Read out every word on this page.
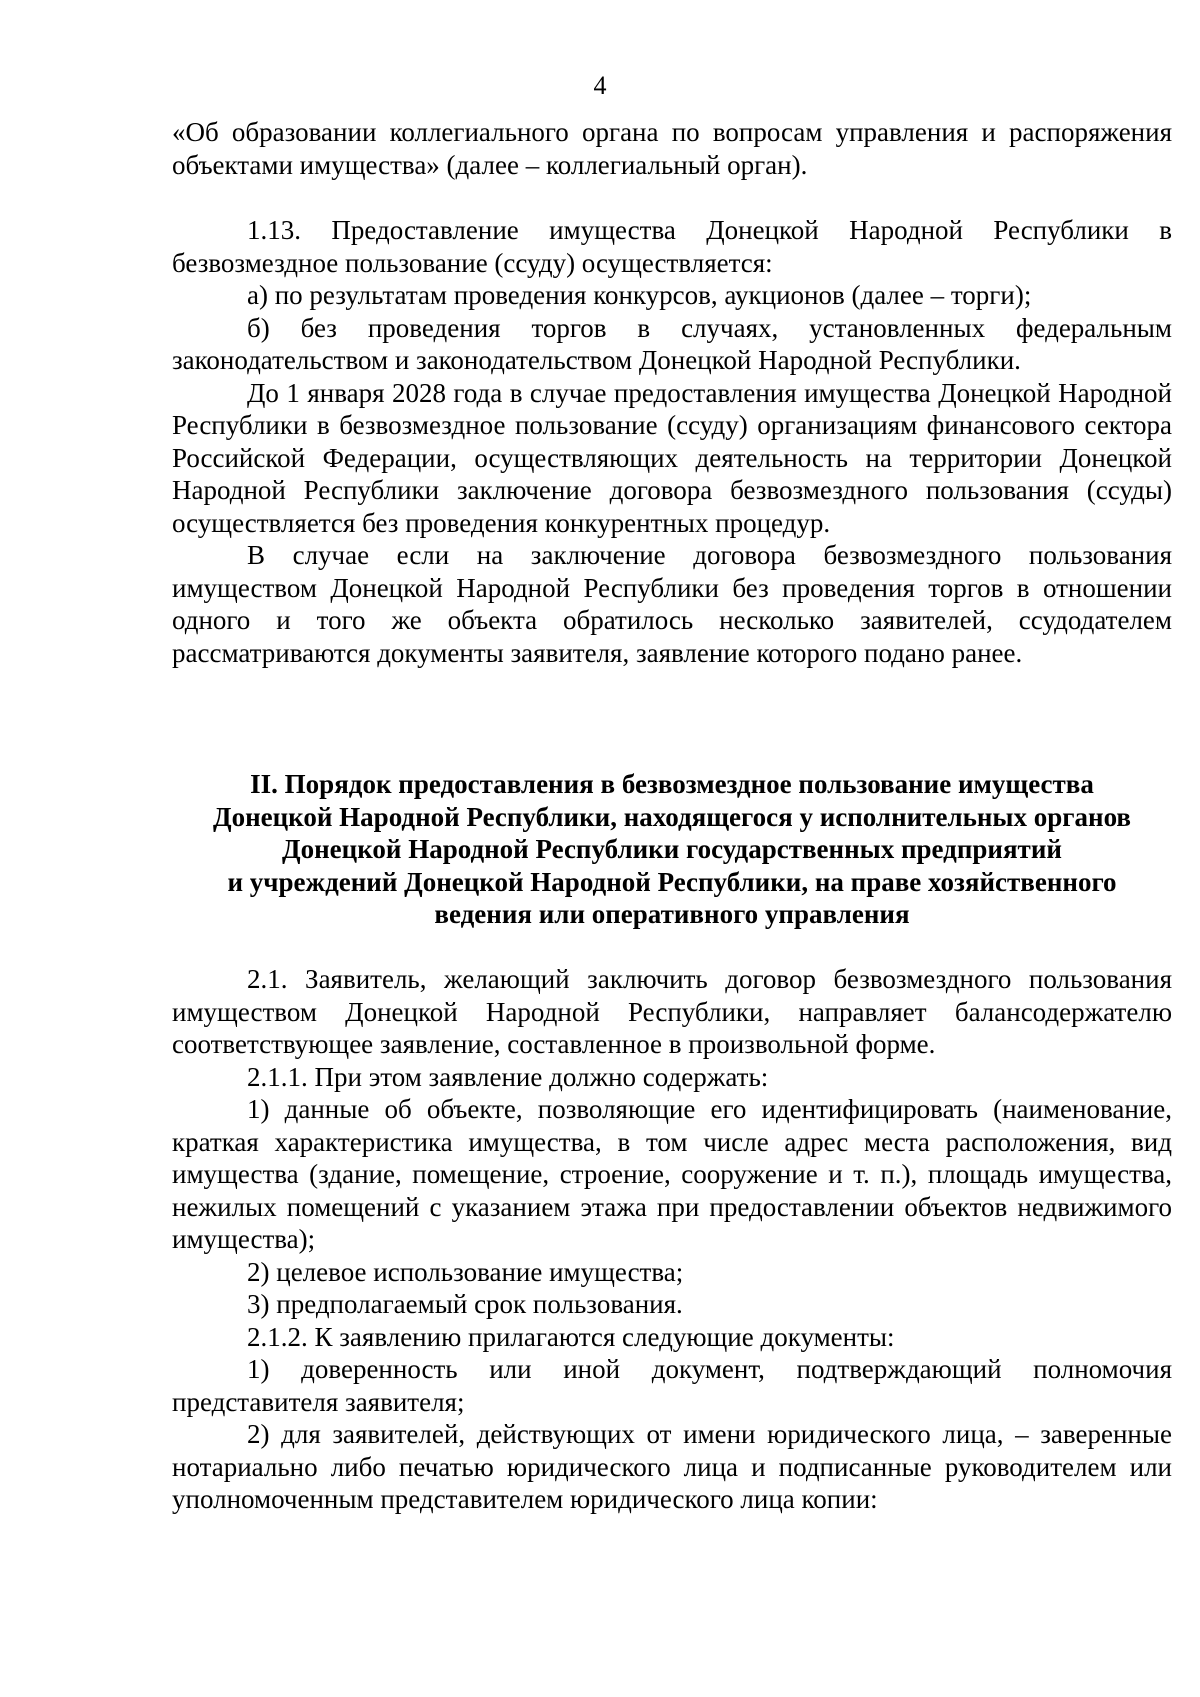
4

«Об образовании коллегиального органа по вопросам управления и распоряжения объектами имущества» (далее – коллегиальный орган).

1.13. Предоставление имущества Донецкой Народной Республики в безвозмездное пользование (ссуду) осуществляется:

а) по результатам проведения конкурсов, аукционов (далее – торги);

б) без проведения торгов в случаях, установленных федеральным законодательством и законодательством Донецкой Народной Республики.

До 1 января 2028 года в случае предоставления имущества Донецкой Народной Республики в безвозмездное пользование (ссуду) организациям финансового сектора Российской Федерации, осуществляющих деятельность на территории Донецкой Народной Республики заключение договора безвозмездного пользования (ссуды) осуществляется без проведения конкурентных процедур.

В случае если на заключение договора безвозмездного пользования имуществом Донецкой Народной Республики без проведения торгов в отношении одного и того же объекта обратилось несколько заявителей, ссудодателем рассматриваются документы заявителя, заявление которого подано ранее.

II. Порядок предоставления в безвозмездное пользование имущества

Донецкой Народной Республики, находящегося у исполнительных органов

Донецкой Народной Республики государственных предприятий

и учреждений Донецкой Народной Республики, на праве хозяйственного

ведения или оперативного управления

2.1. Заявитель, желающий заключить договор безвозмездного пользования имуществом Донецкой Народной Республики, направляет балансодержателю соответствующее заявление, составленное в произвольной форме.

2.1.1. При этом заявление должно содержать:

1) данные об объекте, позволяющие его идентифицировать (наименование, краткая характеристика имущества, в том числе адрес места расположения, вид имущества (здание, помещение, строение, сооружение и т. п.), площадь имущества, нежилых помещений с указанием этажа при предоставлении объектов недвижимого имущества);

2) целевое использование имущества;

3) предполагаемый срок пользования.

2.1.2. К заявлению прилагаются следующие документы:

1) доверенность или иной документ, подтверждающий полномочия представителя заявителя;

2) для заявителей, действующих от имени юридического лица, – заверенные нотариально либо печатью юридического лица и подписанные руководителем или уполномоченным представителем юридического лица копии:
